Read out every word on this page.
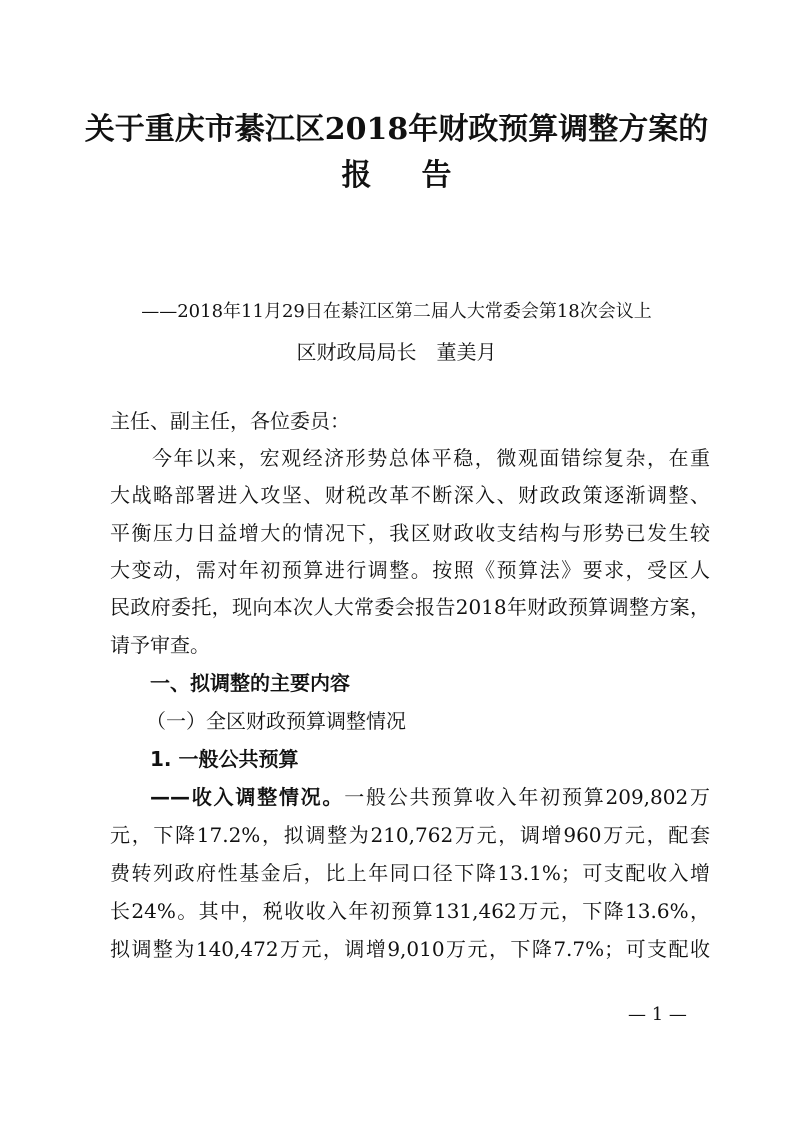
关于重庆市綦江区2018年财政预算调整方案的
报告
——2018年11月29日在綦江区第二届人大常委会第18次会议上
区财政局局长　董美月
主任、副主任，各位委员：
今年以来，宏观经济形势总体平稳，微观面错综复杂，在重
大战略部署进入攻坚、财税改革不断深入、财政政策逐渐调整、
平衡压力日益增大的情况下，我区财政收支结构与形势已发生较
大变动，需对年初预算进行调整。按照《预算法》要求，受区人
民政府委托，现向本次人大常委会报告2018年财政预算调整方案，
请予审查。
一、拟调整的主要内容
（一）全区财政预算调整情况
1. 一般公共预算
——收入调整情况。一般公共预算收入年初预算209,802万
元，下降17.2%，拟调整为210,762万元，调增960万元，配套
费转列政府性基金后，比上年同口径下降13.1%；可支配收入增
长24%。其中，税收收入年初预算131,462万元，下降13.6%，
拟调整为140,472万元，调增9,010万元，下降7.7%；可支配收
— 1 —
